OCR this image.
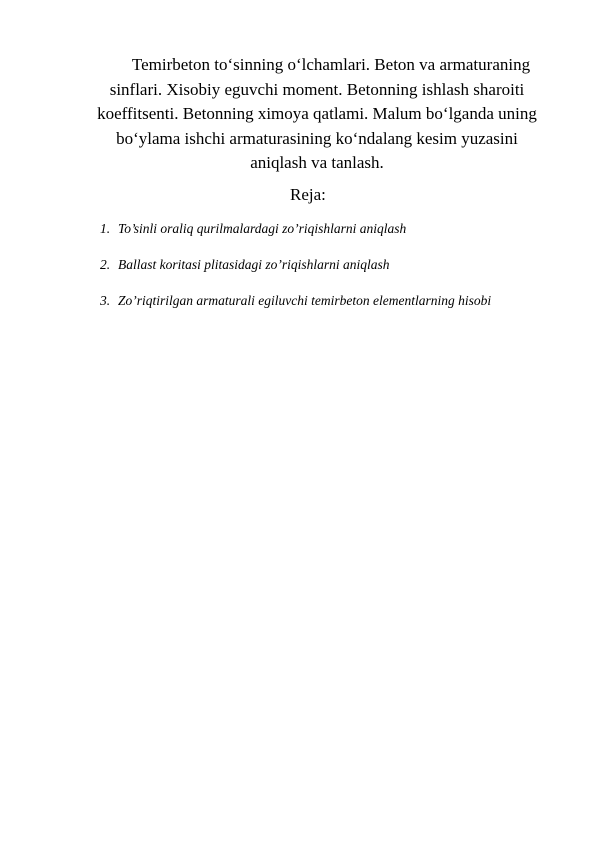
Temirbeton to‘sinning o‘lchamlari. Beton va armaturaning sinflari. Xisobiy eguvchi moment. Betonning ishlash sharoiti koeffitsenti. Betonning ximoya qatlami. Malum bo‘lganda uning bo‘ylama ishchi armaturasining ko‘ndalang kesim yuzasini aniqlash va tanlash.

Reja:

1. To’sinli oraliq qurilmalardagi zo’riqishlarni aniqlash
2. Ballast koritasi plitasidagi zo’riqishlarni aniqlash
3. Zo’riqtirilgan armaturali egiluvchi temirbeton elementlarning hisobi
